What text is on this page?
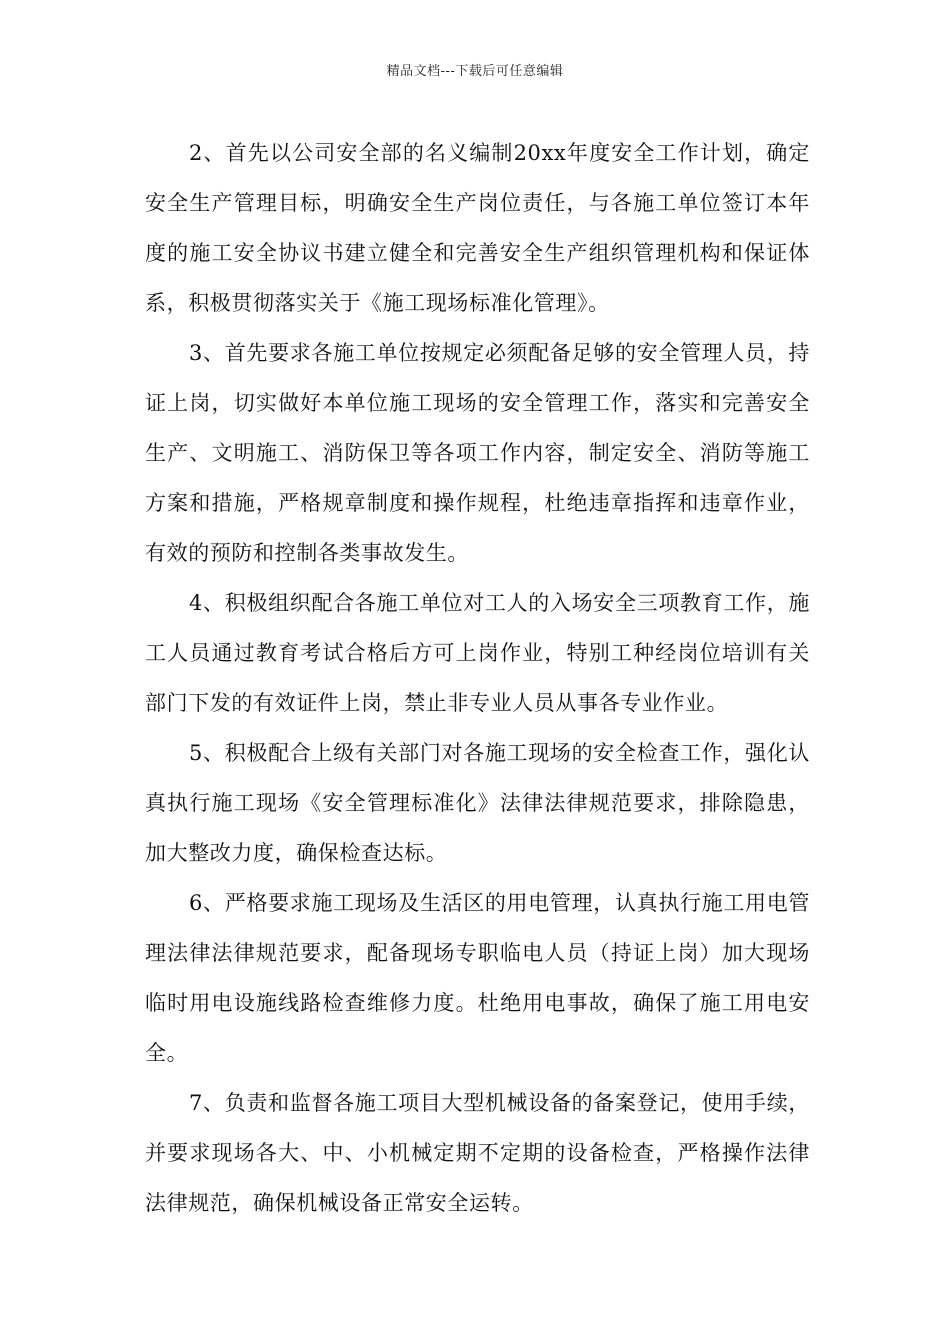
精品文档---下载后可任意编辑

2、首先以公司安全部的名义编制20xx年度安全工作计划，确定安全生产管理目标，明确安全生产岗位责任，与各施工单位签订本年度的施工安全协议书建立健全和完善安全生产组织管理机构和保证体系，积极贯彻落实关于《施工现场标准化管理》。

3、首先要求各施工单位按规定必须配备足够的安全管理人员，持证上岗，切实做好本单位施工现场的安全管理工作，落实和完善安全生产、文明施工、消防保卫等各项工作内容，制定安全、消防等施工方案和措施，严格规章制度和操作规程，杜绝违章指挥和违章作业，有效的预防和控制各类事故发生。

4、积极组织配合各施工单位对工人的入场安全三项教育工作，施工人员通过教育考试合格后方可上岗作业，特别工种经岗位培训有关部门下发的有效证件上岗，禁止非专业人员从事各专业作业。

5、积极配合上级有关部门对各施工现场的安全检查工作，强化认真执行施工现场《安全管理标准化》法律法律规范要求，排除隐患，加大整改力度，确保检查达标。

6、严格要求施工现场及生活区的用电管理，认真执行施工用电管理法律法律规范要求，配备现场专职临电人员（持证上岗）加大现场临时用电设施线路检查维修力度。杜绝用电事故，确保了施工用电安全。

7、负责和监督各施工项目大型机械设备的备案登记，使用手续，并要求现场各大、中、小机械定期不定期的设备检查，严格操作法律法律规范，确保机械设备正常安全运转。
